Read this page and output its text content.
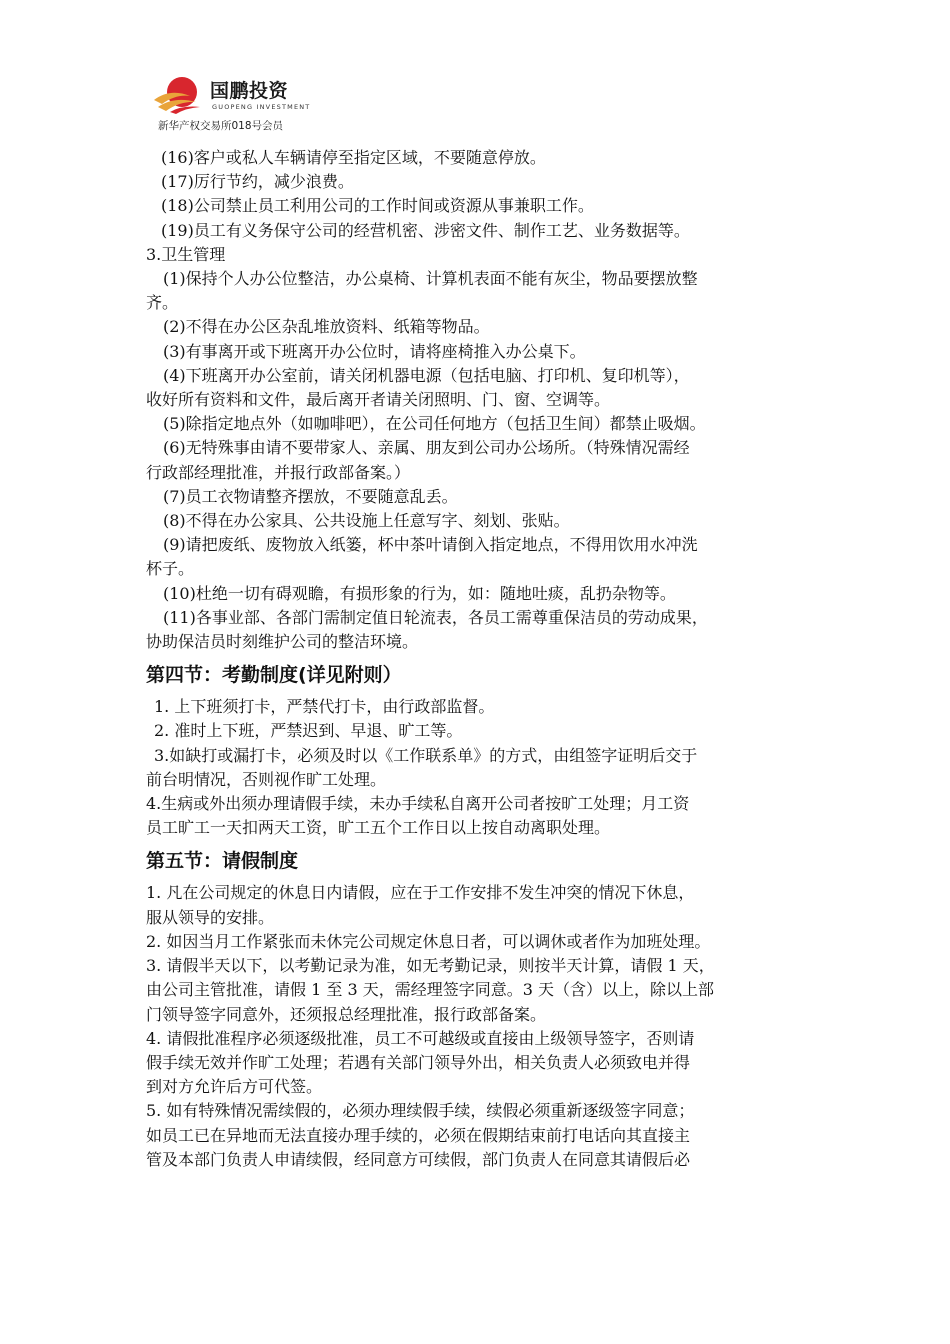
国鹏投资
GUOPENG INVESTMENT
新华产权交易所018号会员

(16)客户或私人车辆请停至指定区域，不要随意停放。

(17)厉行节约，减少浪费。

(18)公司禁止员工利用公司的工作时间或资源从事兼职工作。

(19)员工有义务保守公司的经营机密、涉密文件、制作工艺、业务数据等。

3.卫生管理

(1)保持个人办公位整洁，办公桌椅、计算机表面不能有灰尘，物品要摆放整

齐。

(2)不得在办公区杂乱堆放资料、纸箱等物品。

(3)有事离开或下班离开办公位时，请将座椅推入办公桌下。

(4)下班离开办公室前，请关闭机器电源（包括电脑、打印机、复印机等），

收好所有资料和文件，最后离开者请关闭照明、门、窗、空调等。

(5)除指定地点外（如咖啡吧），在公司任何地方（包括卫生间）都禁止吸烟。

(6)无特殊事由请不要带家人、亲属、朋友到公司办公场所。（特殊情况需经

行政部经理批准，并报行政部备案。）

(7)员工衣物请整齐摆放，不要随意乱丢。

(8)不得在办公家具、公共设施上任意写字、刻划、张贴。

(9)请把废纸、废物放入纸篓，杯中茶叶请倒入指定地点，不得用饮用水冲洗

杯子。

(10)杜绝一切有碍观瞻，有损形象的行为，如：随地吐痰，乱扔杂物等。

(11)各事业部、各部门需制定值日轮流表，各员工需尊重保洁员的劳动成果，

协助保洁员时刻维护公司的整洁环境。

第四节：考勤制度(详见附则）

1. 上下班须打卡，严禁代打卡，由行政部监督。

2. 准时上下班，严禁迟到、早退、旷工等。

3.如缺打或漏打卡，必须及时以《工作联系单》的方式，由组签字证明后交于

前台明情况，否则视作旷工处理。

4.生病或外出须办理请假手续，未办手续私自离开公司者按旷工处理；月工资

员工旷工一天扣两天工资，旷工五个工作日以上按自动离职处理。

第五节：请假制度

1. 凡在公司规定的休息日内请假，应在于工作安排不发生冲突的情况下休息，

服从领导的安排。

2. 如因当月工作紧张而未休完公司规定休息日者，可以调休或者作为加班处理。

3. 请假半天以下，以考勤记录为准，如无考勤记录，则按半天计算，请假 1 天，

由公司主管批准，请假 1 至 3 天，需经理签字同意。3 天（含）以上，除以上部

门领导签字同意外，还须报总经理批准，报行政部备案。

4. 请假批准程序必须逐级批准，员工不可越级或直接由上级领导签字，否则请

假手续无效并作旷工处理；若遇有关部门领导外出，相关负责人必须致电并得

到对方允许后方可代签。

5. 如有特殊情况需续假的，必须办理续假手续，续假必须重新逐级签字同意；

如员工已在异地而无法直接办理手续的，必须在假期结束前打电话向其直接主

管及本部门负责人申请续假，经同意方可续假，部门负责人在同意其请假后必
